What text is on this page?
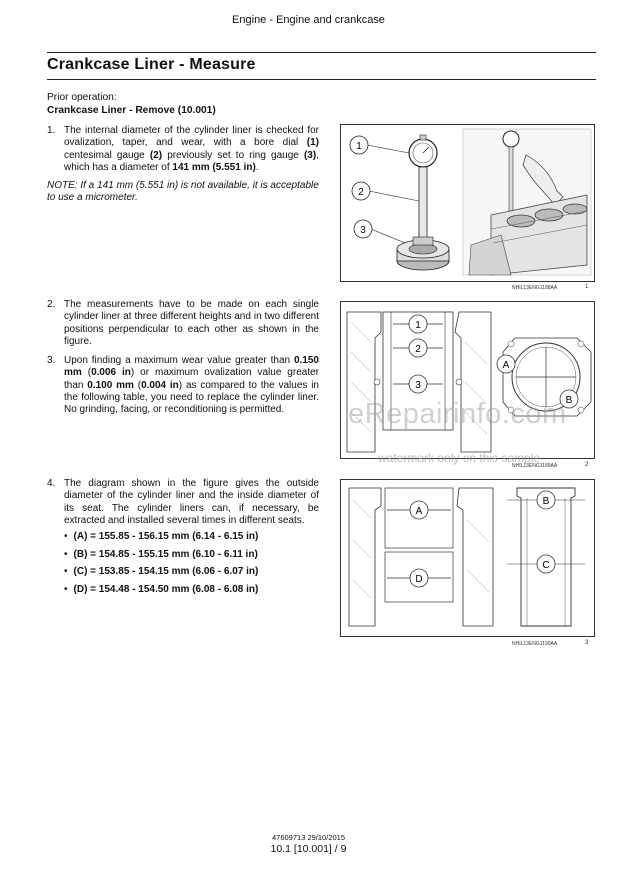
Engine - Engine and crankcase
Crankcase Liner - Measure
Prior operation:
Crankcase Liner - Remove (10.001)
1. The internal diameter of the cylinder liner is checked for ovalization, taper, and wear, with a bore dial (1) centesimal gauge (2) previously set to ring gauge (3), which has a diameter of 141 mm (5.551 in).
NOTE: If a 141 mm (5.551 in) is not available, it is acceptable to use a micrometer.
1
2
3
NHIL13ENG1188AA	1
2. The measurements have to be made on each single cylinder liner at three different heights and in two different positions perpendicular to each other as shown in the figure.
3. Upon finding a maximum wear value greater than 0.150 mm (0.006 in) or maximum ovalization value greater than 0.100 mm (0.004 in) as compared to the values in the following table, you need to replace the cylinder liner. No grinding, facing, or reconditioning is permitted.
1
2
3
A
B
NHIL13ENG1189AA	2
4. The diagram shown in the figure gives the outside diameter of the cylinder liner and the inside diameter of its seat. The cylinder liners can, if necessary, be extracted and installed several times in different seats.
• (A) = 155.85 - 156.15 mm (6.14 - 6.15 in)
• (B) = 154.85 - 155.15 mm (6.10 - 6.11 in)
• (C) = 153.85 - 154.15 mm (6.06 - 6.07 in)
• (D) = 154.48 - 154.50 mm (6.08 - 6.08 in)
A
D
B
C
NHIL13ENG1190AA	3
eRepairinfo.com
watermark only on this sample
47609713 29/10/2015
10.1 [10.001] / 9
